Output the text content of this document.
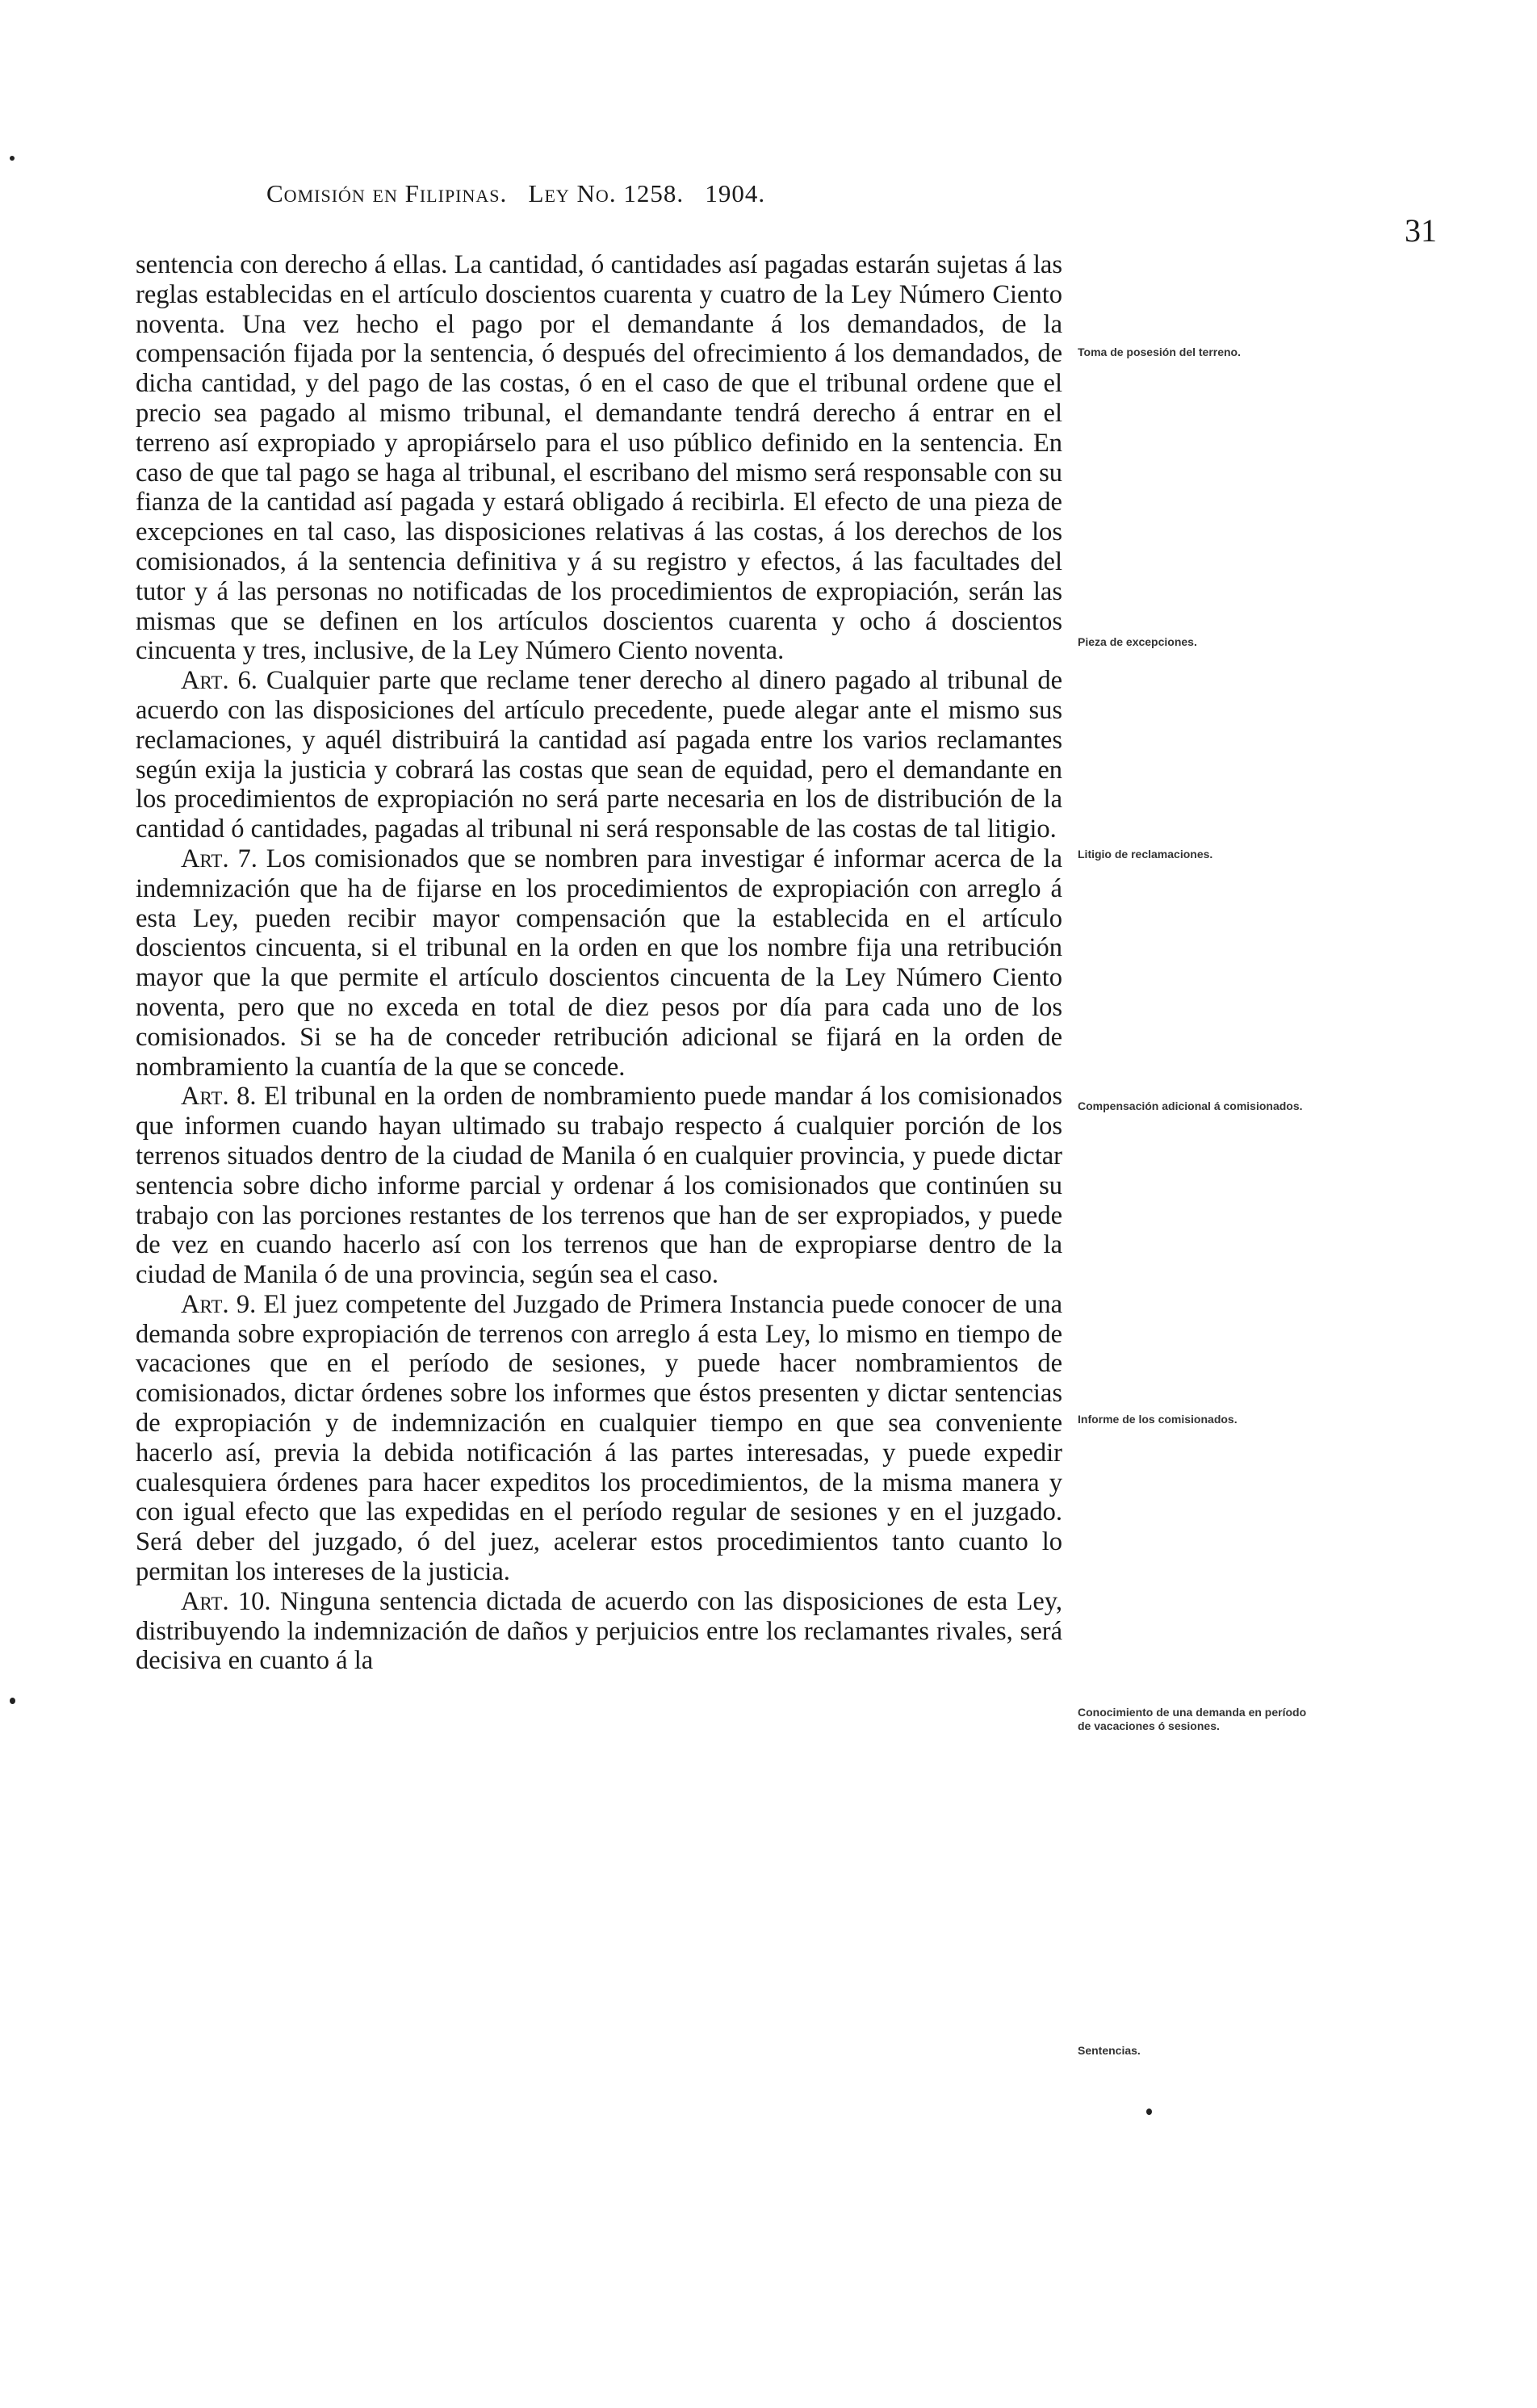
Comisión en Filipinas. Ley No. 1258. 1904.
31

sentencia con derecho á ellas. La cantidad, ó cantidades así pagadas estarán sujetas á las reglas establecidas en el artículo doscientos cuarenta y cuatro de la Ley Número Ciento noventa. Una vez hecho el pago por el demandante á los demandados, de la compensación fijada por la sentencia, ó después del ofrecimiento á los demandados, de dicha cantidad, y del pago de las costas, ó en el caso de que el tribunal ordene que el precio sea pagado al mismo tribunal, el demandante tendrá derecho á entrar en el terreno así expropiado y apropiárselo para el uso público definido en la sentencia. En caso de que tal pago se haga al tribunal, el escribano del mismo será responsable con su fianza de la cantidad así pagada y estará obligado á recibirla. El efecto de una pieza de excepciones en tal caso, las disposiciones relativas á las costas, á los derechos de los comisionados, á la sentencia definitiva y á su registro y efectos, á las facultades del tutor y á las personas no notificadas de los procedimientos de expropiación, serán las mismas que se definen en los artículos doscientos cuarenta y ocho á doscientos cincuenta y tres, inclusive, de la Ley Número Ciento noventa.

Art. 6. Cualquier parte que reclame tener derecho al dinero pagado al tribunal de acuerdo con las disposiciones del artículo precedente, puede alegar ante el mismo sus reclamaciones, y aquél distribuirá la cantidad así pagada entre los varios reclamantes según exija la justicia y cobrará las costas que sean de equidad, pero el demandante en los procedimientos de expropiación no será parte necesaria en los de distribución de la cantidad ó cantidades, pagadas al tribunal ni será responsable de las costas de tal litigio.

Art. 7. Los comisionados que se nombren para investigar é informar acerca de la indemnización que ha de fijarse en los procedimientos de expropiación con arreglo á esta Ley, pueden recibir mayor compensación que la establecida en el artículo doscientos cincuenta, si el tribunal en la orden en que los nombre fija una retribución mayor que la que permite el artículo doscientos cincuenta de la Ley Número Ciento noventa, pero que no exceda en total de diez pesos por día para cada uno de los comisionados. Si se ha de conceder retribución adicional se fijará en la orden de nombramiento la cuantía de la que se concede.

Art. 8. El tribunal en la orden de nombramiento puede mandar á los comisionados que informen cuando hayan ultimado su trabajo respecto á cualquier porción de los terrenos situados dentro de la ciudad de Manila ó en cualquier provincia, y puede dictar sentencia sobre dicho informe parcial y ordenar á los comisionados que continúen su trabajo con las porciones restantes de los terrenos que han de ser expropiados, y puede de vez en cuando hacerlo así con los terrenos que han de expropiarse dentro de la ciudad de Manila ó de una provincia, según sea el caso.

Art. 9. El juez competente del Juzgado de Primera Instancia puede conocer de una demanda sobre expropiación de terrenos con arreglo á esta Ley, lo mismo en tiempo de vacaciones que en el período de sesiones, y puede hacer nombramientos de comisionados, dictar órdenes sobre los informes que éstos presenten y dictar sentencias de expropiación y de indemnización en cualquier tiempo en que sea conveniente hacerlo así, previa la debida notificación á las partes interesadas, y puede expedir cualesquiera órdenes para hacer expeditos los procedimientos, de la misma manera y con igual efecto que las expedidas en el período regular de sesiones y en el juzgado. Será deber del juzgado, ó del juez, acelerar estos procedimientos tanto cuanto lo permitan los intereses de la justicia.

Art. 10. Ninguna sentencia dictada de acuerdo con las disposiciones de esta Ley, distribuyendo la indemnización de daños y perjuicios entre los reclamantes rivales, será decisiva en cuanto á la

Toma de posesión del terreno.
Pieza de excepciones.
Litigio de reclamaciones.
Compensación adicional á comisionados.
Informe de los comisionados.
Conocimiento de una demanda en período de vacaciones ó sesiones.
Sentencias.
